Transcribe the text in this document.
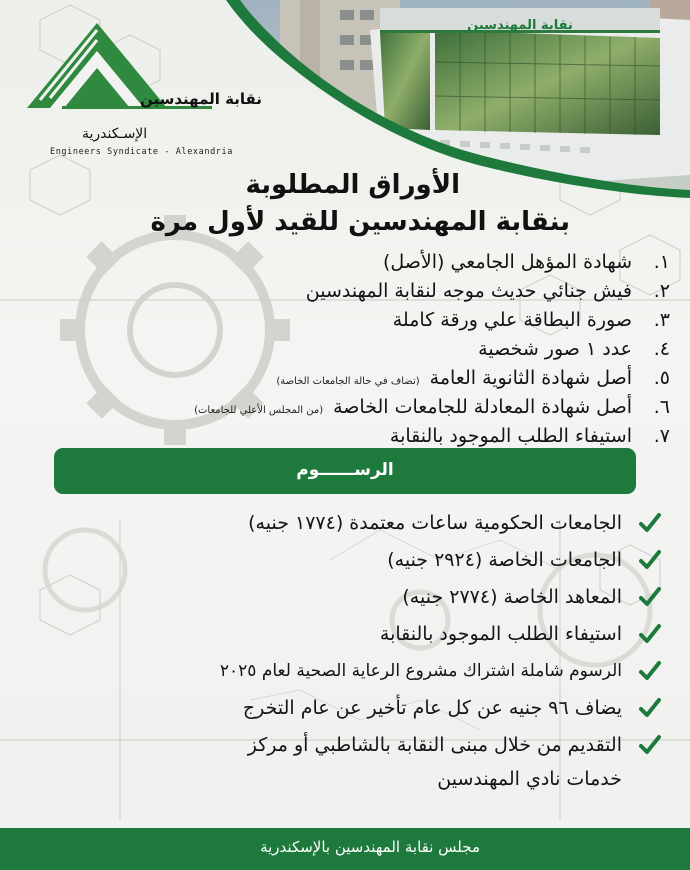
نقابة المهندسين
نقابة المهندسين
الإسـكندرية
Engineers Syndicate - Alexandria
الأوراق المطلوبة
بنقابة المهندسين للقيد لأول مرة
١.
شهادة المؤهل الجامعي (الأصل)
٢.
فيش جنائي حديث موجه لنقابة المهندسين
٣.
صورة البطاقة علي ورقة كاملة
٤.
عدد ١ صور شخصية
٥.
أصل شهادة الثانوية العامة(تضاف في حالة الجامعات الخاصة)
٦.
أصل شهادة المعادلة للجامعات الخاصة(من المجلس الأعلي للجامعات)
٧.
استيفاء الطلب الموجود بالنقابة
الرســــــوم
الجامعات الحكومية ساعات معتمدة (١٧٧٤ جنيه)
الجامعات الخاصة (٢٩٢٤ جنيه)
المعاهد الخاصة (٢٧٧٤ جنيه)
استيفاء الطلب الموجود بالنقابة
الرسوم شاملة اشتراك مشروع الرعاية الصحية لعام ٢٠٢٥
يضاف ٩٦ جنيه عن كل عام تأخير عن عام التخرج
التقديم من خلال مبنى النقابة بالشاطبي أو مركز
خدمات نادي المهندسين
مجلس نقابة المهندسين بالإسكندرية
